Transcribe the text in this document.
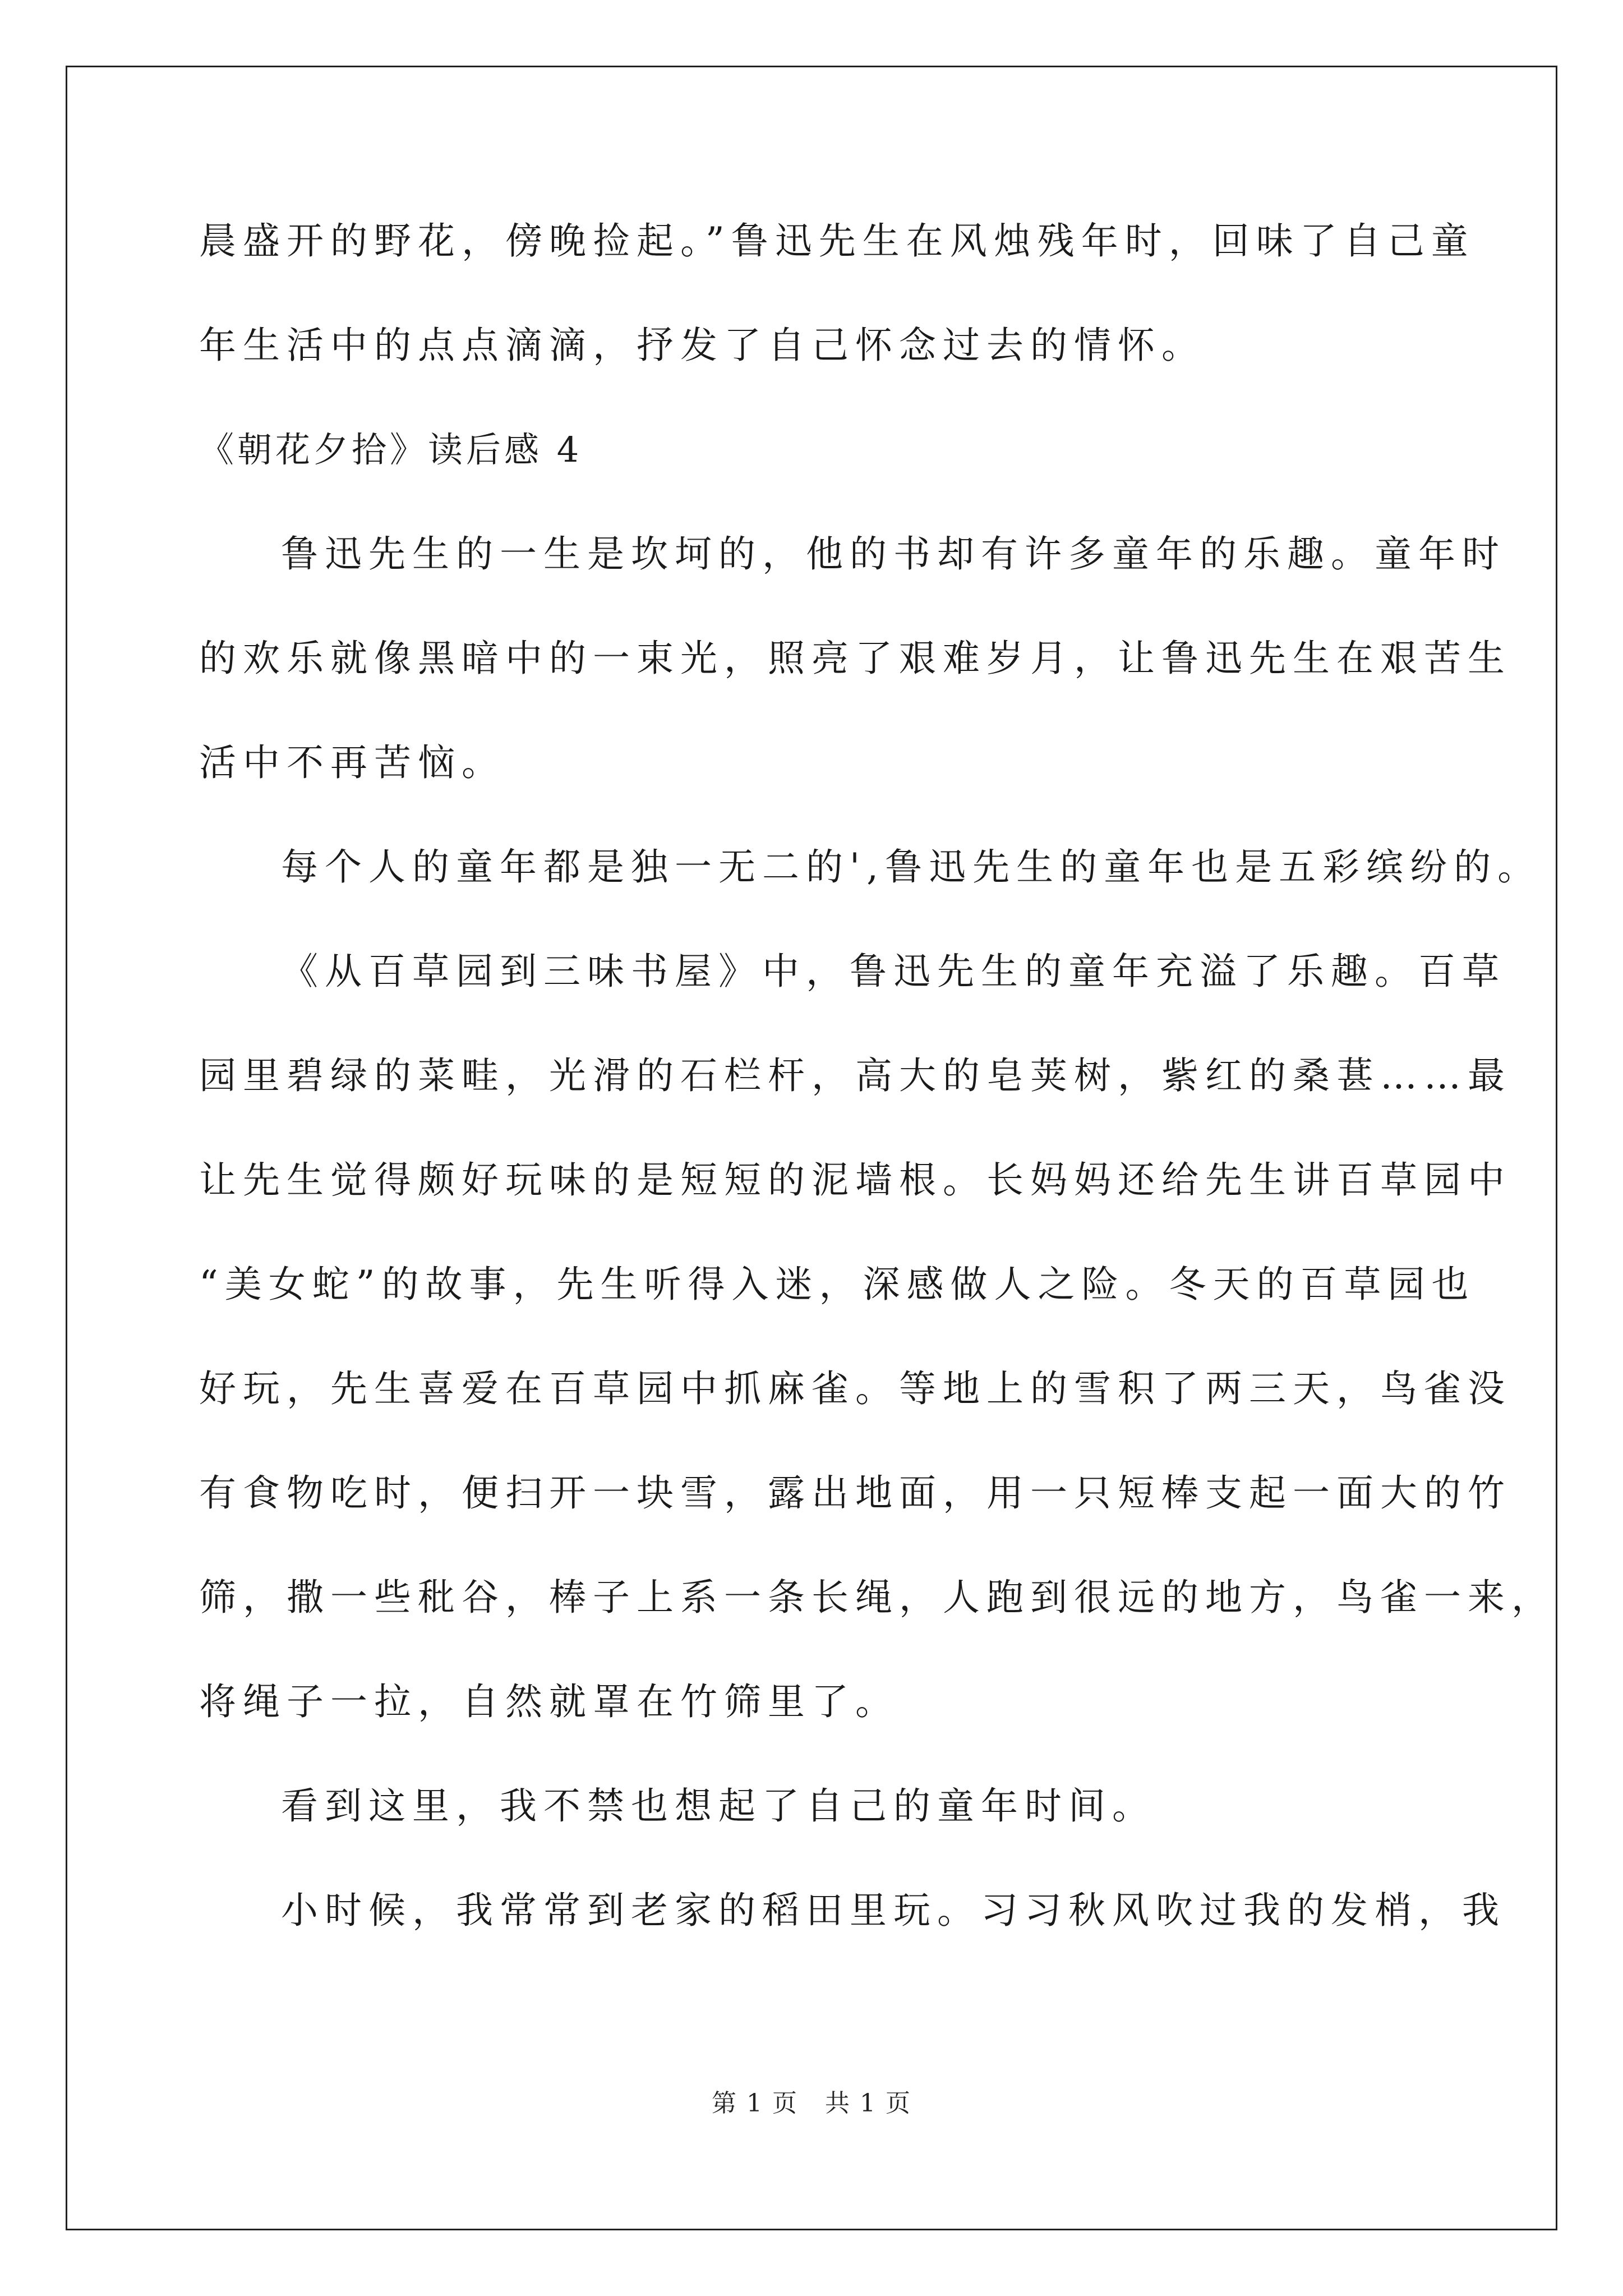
晨盛开的野花，傍晚捡起。”鲁迅先生在风烛残年时，回味了自己童
年生活中的点点滴滴，抒发了自己怀念过去的情怀。
《朝花夕拾》读后感 4
鲁迅先生的一生是坎坷的，他的书却有许多童年的乐趣。童年时
的欢乐就像黑暗中的一束光，照亮了艰难岁月，让鲁迅先生在艰苦生
活中不再苦恼。
每个人的童年都是独一无二的',鲁迅先生的童年也是五彩缤纷的。
《从百草园到三味书屋》中，鲁迅先生的童年充溢了乐趣。百草
园里碧绿的菜畦，光滑的石栏杆，高大的皂荚树，紫红的桑葚……最
让先生觉得颇好玩味的是短短的泥墙根。长妈妈还给先生讲百草园中
“美女蛇”的故事，先生听得入迷，深感做人之险。冬天的百草园也
好玩，先生喜爱在百草园中抓麻雀。等地上的雪积了两三天，鸟雀没
有食物吃时，便扫开一块雪，露出地面，用一只短棒支起一面大的竹
筛，撒一些秕谷，棒子上系一条长绳，人跑到很远的地方，鸟雀一来，
将绳子一拉，自然就罩在竹筛里了。
看到这里，我不禁也想起了自己的童年时间。
小时候，我常常到老家的稻田里玩。习习秋风吹过我的发梢，我
第 1 页 共 1 页
